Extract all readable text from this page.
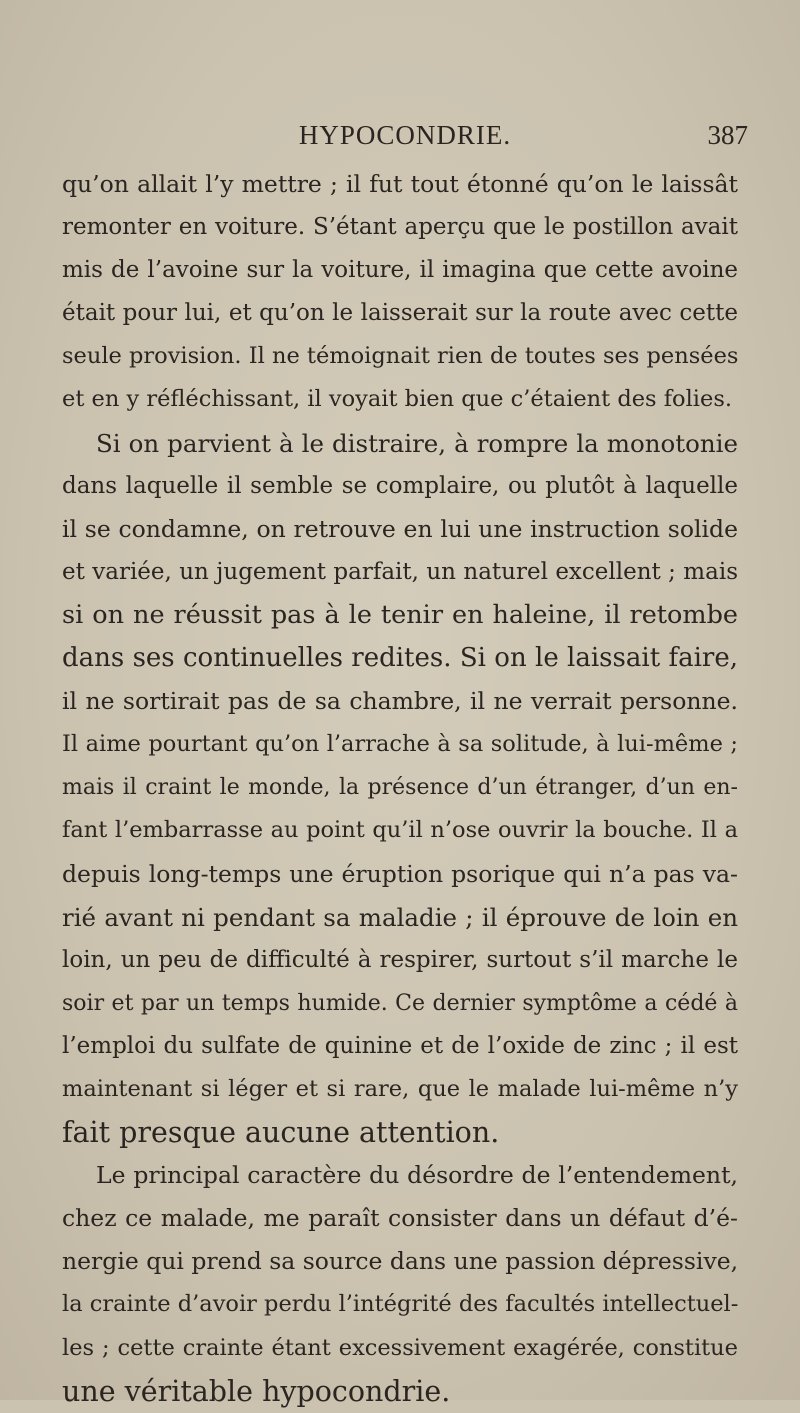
HYPOCONDRIE.	387
qu’on allait l’y mettre ; il fut tout étonné qu’on le laissât
remonter en voiture. S’étant aperçu que le postillon avait
mis de l’avoine sur la voiture, il imagina que cette avoine
était pour lui, et qu’on le laisserait sur la route avec cette
seule provision. Il ne témoignait rien de toutes ses pensées
et en y réfléchissant, il voyait bien que c’étaient des folies.
Si on parvient à le distraire, à rompre la monotonie
dans laquelle il semble se complaire, ou plutôt à laquelle
il se condamne, on retrouve en lui une instruction solide
et variée, un jugement parfait, un naturel excellent ; mais
si on ne réussit pas à le tenir en haleine, il retombe
dans ses continuelles redites. Si on le laissait faire,
il ne sortirait pas de sa chambre, il ne verrait personne.
Il aime pourtant qu’on l’arrache à sa solitude, à lui-même ;
mais il craint le monde, la présence d’un étranger, d’un en-
fant l’embarrasse au point qu’il n’ose ouvrir la bouche. Il a
depuis long-temps une éruption psorique qui n’a pas va-
rié avant ni pendant sa maladie ; il éprouve de loin en
loin, un peu de difficulté à respirer, surtout s’il marche le
soir et par un temps humide. Ce dernier symptôme a cédé à
l’emploi du sulfate de quinine et de l’oxide de zinc ; il est
maintenant si léger et si rare, que le malade lui-même n’y
fait presque aucune attention.
Le principal caractère du désordre de l’entendement,
chez ce malade, me paraît consister dans un défaut d’é-
nergie qui prend sa source dans une passion dépressive,
la crainte d’avoir perdu l’intégrité des facultés intellectuel-
les ; cette crainte étant excessivement exagérée, constitue
une véritable hypocondrie.
